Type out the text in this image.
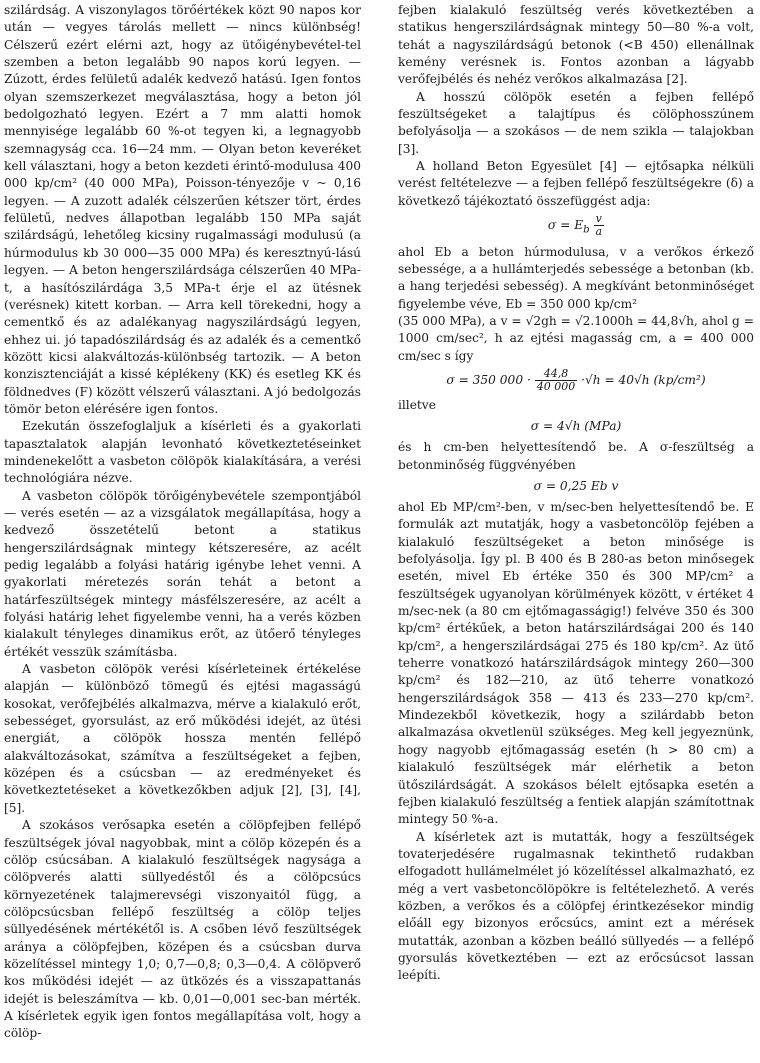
szilárdság. A viszonylagos törőértékek közt 90 napos kor után — vegyes tárolás mellett — nincs különbség! Célszerű ezért elérni azt, hogy az ütőigénybevétel-tel szemben a beton legalább 90 napos korú legyen. — Zúzott, érdes felületű adalék kedvező hatású. Igen fontos olyan szemszerkezet megválasztása, hogy a beton jól bedolgozható legyen. Ezért a 7 mm alatti homok mennyisége legalább 60 %-ot tegyen ki, a legnagyobb szemnagyság cca. 16—24 mm. — Olyan beton keveréket kell választani, hogy a beton kezdeti érintő-modulusa 400 000 kp/cm² (40 000 MPa), Poisson-tényezője v ~ 0,16 legyen. — A zuzott adalék célszerűen kétszer tört, érdes felületű, nedves állapotban legalább 150 MPa saját szilárdságú, lehetőleg kicsiny rugalmassági modulusú (a húrmodulus kb 30 000—35 000 MPa) és keresztnyú-lású legyen. — A beton hengerszilárdsága célszerűen 40 MPa-t, a hasítószilárdága 3,5 MPa-t érje el az ütésnek (verésnek) kitett korban. — Arra kell törekedni, hogy a cementkő és az adalékanyag nagyszilárdságú legyen, ehhez ui. jó tapadószilárdság és az adalék és a cementkő között kicsi alakváltozás-különbség tartozik. — A beton konzisztenciáját a kissé képlékeny (KK) és esetleg KK és földnedves (F) között vélszerű választani. A jó bedolgozás tömör beton elérésére igen fontos.

Ezekután összefoglaljuk a kísérleti és a gyakorlati tapasztalatok alapján levonható következtetéseinket mindenekelőtt a vasbeton cölöpök kialakítására, a verési technológiára nézve.

A vasbeton cölöpök törőigénybevétele szempontjából — verés esetén — az a vizsgálatok megállapítása, hogy a kedvező összetételű betont a statikus hengerszilárdságnak mintegy kétszeresére, az acélt pedig legalább a folyási határig igénybe lehet venni. A gyakorlati méretezés során tehát a betont a határfeszültségek mintegy másfélszeresére, az acélt a folyási határig lehet figyelembe venni, ha a verés közben kialakult tényleges dinamikus erőt, az ütőerő tényleges értékét vesszük számításba.

A vasbeton cölöpök verési kísérleteinek értékelése alapján — különböző tömegű és ejtési magasságú kosokat, verőfejbélés alkalmazva, mérve a kialakuló erőt, sebességet, gyorsulást, az erő működési idejét, az ütési energiát, a cölöpök hossza mentén fellépő alakváltozásokat, számítva a feszültségeket a fejben, középen és a csúcsban — az eredményeket és következtetéseket a következőkben adjuk [2], [3], [4], [5].

A szokásos verősapka esetén a cölöpfejben fellépő feszültségek jóval nagyobbak, mint a cölöp közepén és a cölöp csúcsában. A kialakuló feszültségek nagysága a cölöpverés alatti süllyedéstől és a cölöpcsúcs környezetének talajmerevségi viszonyaitól függ, a cölöpcsúcsban fellépő feszültség a cölöp teljes süllyedésének mértékétől is. A csőben lévő feszültségek aránya a cölöpfejben, középen és a csúcsban durva közelítéssel mintegy 1,0; 0,7—0,8; 0,3—0,4. A cölöpverő kos működési idejét — az ütközés és a visszapattanás idejét is beleszámítva — kb. 0,01—0,001 sec-ban mérték. A kísérletek egyik igen fontos megállapítása volt, hogy a cölöp-

fejben kialakuló feszültség verés következtében a statikus hengerszilárdságnak mintegy 50—80 %-a volt, tehát a nagyszilárdságú betonok (<B 450) ellenállnak kemény verésnek is. Fontos azonban a lágyabb verőfejbélés és nehéz verőkos alkalmazása [2].

A hosszú cölöpök esetén a fejben fellépő feszültségeket a talajtípus és cölöphosszúnem befolyásolja — a szokásos — de nem szikla — talajokban [3].

A holland Beton Egyesület [4] — ejtősapka nélküli verést feltételezve — a fejben fellépő feszültségekre (δ) a következő tájékoztató összefüggést adja:

$\sigma = E_b \frac{v}{a}$

ahol Eb a beton húrmodulusa, v a verőkos érkező sebessége, a a hullámterjedés sebessége a betonban (kb. a hang terjedési sebesség). A megkívánt betonminőséget figyelembe véve, Eb = 350 000 kp/cm²

(35 000 MPa), a v = √2gh = √2.1000h = 44,8√h, ahol g = 1000 cm/sec², h az ejtési magasság cm, a = 400 000 cm/sec s így

σ = 350 $000 \cdot \frac{44,8}{40 000} \cdot√h = 40√h$ (kp/cm²)

illetve

σ = 4√h (MPa)

és h cm-ben helyettesítendő be. A σ-feszültség a betonminőség függvényében

σ = 0,25 Eb v

ahol Eb MP/cm²-ben, v m/sec-ben helyettesítendő be. E formulák azt mutatják, hogy a vasbetoncölöp fejében a kialakuló feszültségeket a beton minősége is befolyásolja. Így pl. B 400 és B 280-as beton minősegek esetén, mivel Eb értéke 350 és 300 MP/cm² a feszültségek ugyanolyan körülmények között, v értéket 4 m/sec-nek (a 80 cm ejtőmagasságig!) felvéve 350 és 300 kp/cm² értékűek, a beton határszilárdságai 200 és 140 kp/cm², a hengerszilárdságai 275 és 180 kp/cm². Az ütő teherre vonatkozó határszilárdságok mintegy 260—300 kp/cm² és 182—210, az ütő teherre vonatkozó hengerszilárdságok 358 — 413 és 233—270 kp/cm². Mindezekből következik, hogy a szilárdabb beton alkalmazása okvetlenül szükséges. Meg kell jegyeznünk, hogy nagyobb ejtőmagasság esetén (h > 80 cm) a kialakuló feszültségek már elérhetik a beton ütőszilárdságát. A szokásos bélelt ejtősapka esetén a fejben kialakuló feszültség a fentiek alapján számítottnak mintegy 50 %-a.

A kísérletek azt is mutatták, hogy a feszültségek tovaterjedésére rugalmasnak tekinthető rudakban elfogadott hullámelmélet jó közelítéssel alkalmazható, ez még a vert vasbetoncölöpökre is feltételezhető. A verés közben, a verőkos és a cölöpfej érintkezésekor mindig előáll egy bizonyos erőcsúcs, amint ezt a mérések mutatták, azonban a közben beálló süllyedés — a fellépő gyorsulás következtében — ezt az erőcsúcsot lassan leépíti.
